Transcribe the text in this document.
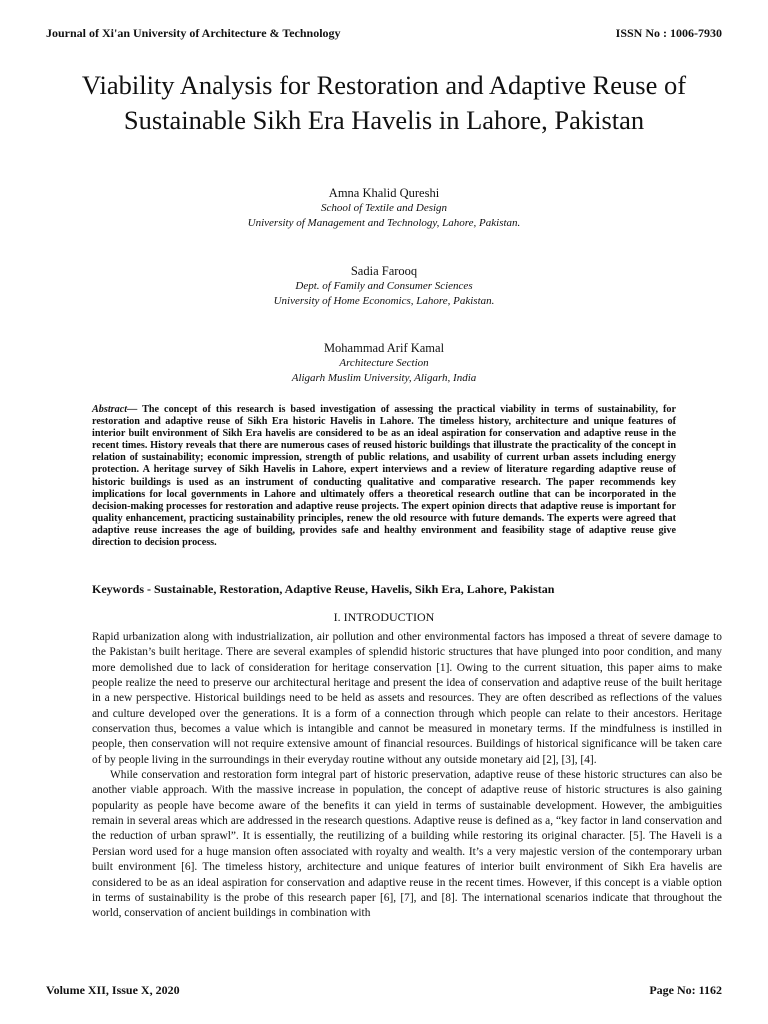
Journal of Xi'an University of Architecture & Technology	ISSN No : 1006-7930
Viability Analysis for Restoration and Adaptive Reuse of Sustainable Sikh Era Havelis in Lahore, Pakistan
Amna Khalid Qureshi
School of Textile and Design
University of Management and Technology, Lahore, Pakistan.
Sadia Farooq
Dept. of Family and Consumer Sciences
University of Home Economics, Lahore, Pakistan.
Mohammad Arif Kamal
Architecture Section
Aligarh Muslim University, Aligarh, India
Abstract— The concept of this research is based investigation of assessing the practical viability in terms of sustainability, for restoration and adaptive reuse of Sikh Era historic Havelis in Lahore. The timeless history, architecture and unique features of interior built environment of Sikh Era havelis are considered to be as an ideal aspiration for conservation and adaptive reuse in the recent times. History reveals that there are numerous cases of reused historic buildings that illustrate the practicality of the concept in relation of sustainability; economic impression, strength of public relations, and usability of current urban assets including energy protection. A heritage survey of Sikh Havelis in Lahore, expert interviews and a review of literature regarding adaptive reuse of historic buildings is used as an instrument of conducting qualitative and comparative research. The paper recommends key implications for local governments in Lahore and ultimately offers a theoretical research outline that can be incorporated in the decision-making processes for restoration and adaptive reuse projects. The expert opinion directs that adaptive reuse is important for quality enhancement, practicing sustainability principles, renew the old resource with future demands. The experts were agreed that adaptive reuse increases the age of building, provides safe and healthy environment and feasibility stage of adaptive reuse give direction to decision process.
Keywords - Sustainable, Restoration, Adaptive Reuse, Havelis, Sikh Era, Lahore, Pakistan
I. INTRODUCTION

Rapid urbanization along with industrialization, air pollution and other environmental factors has imposed a threat of severe damage to the Pakistan’s built heritage. There are several examples of splendid historic structures that have plunged into poor condition, and many more demolished due to lack of consideration for heritage conservation [1]. Owing to the current situation, this paper aims to make people realize the need to preserve our architectural heritage and present the idea of conservation and adaptive reuse of the built heritage in a new perspective. Historical buildings need to be held as assets and resources. They are often described as reflections of the values and culture developed over the generations. It is a form of a connection through which people can relate to their ancestors. Heritage conservation thus, becomes a value which is intangible and cannot be measured in monetary terms. If the mindfulness is instilled in people, then conservation will not require extensive amount of financial resources. Buildings of historical significance will be taken care of by people living in the surroundings in their everyday routine without any outside monetary aid [2], [3], [4].

While conservation and restoration form integral part of historic preservation, adaptive reuse of these historic structures can also be another viable approach. With the massive increase in population, the concept of adaptive reuse of historic structures is also gaining popularity as people have become aware of the benefits it can yield in terms of sustainable development. However, the ambiguities remain in several areas which are addressed in the research questions. Adaptive reuse is defined as a, “key factor in land conservation and the reduction of urban sprawl”. It is essentially, the reutilizing of a building while restoring its original character. [5]. The Haveli is a Persian word used for a huge mansion often associated with royalty and wealth. It’s a very majestic version of the contemporary urban built environment [6]. The timeless history, architecture and unique features of interior built environment of Sikh Era havelis are considered to be as an ideal aspiration for conservation and adaptive reuse in the recent times. However, if this concept is a viable option in terms of sustainability is the probe of this research paper [6], [7], and [8]. The international scenarios indicate that throughout the world, conservation of ancient buildings in combination with

Volume XII, Issue X, 2020	Page No: 1162
